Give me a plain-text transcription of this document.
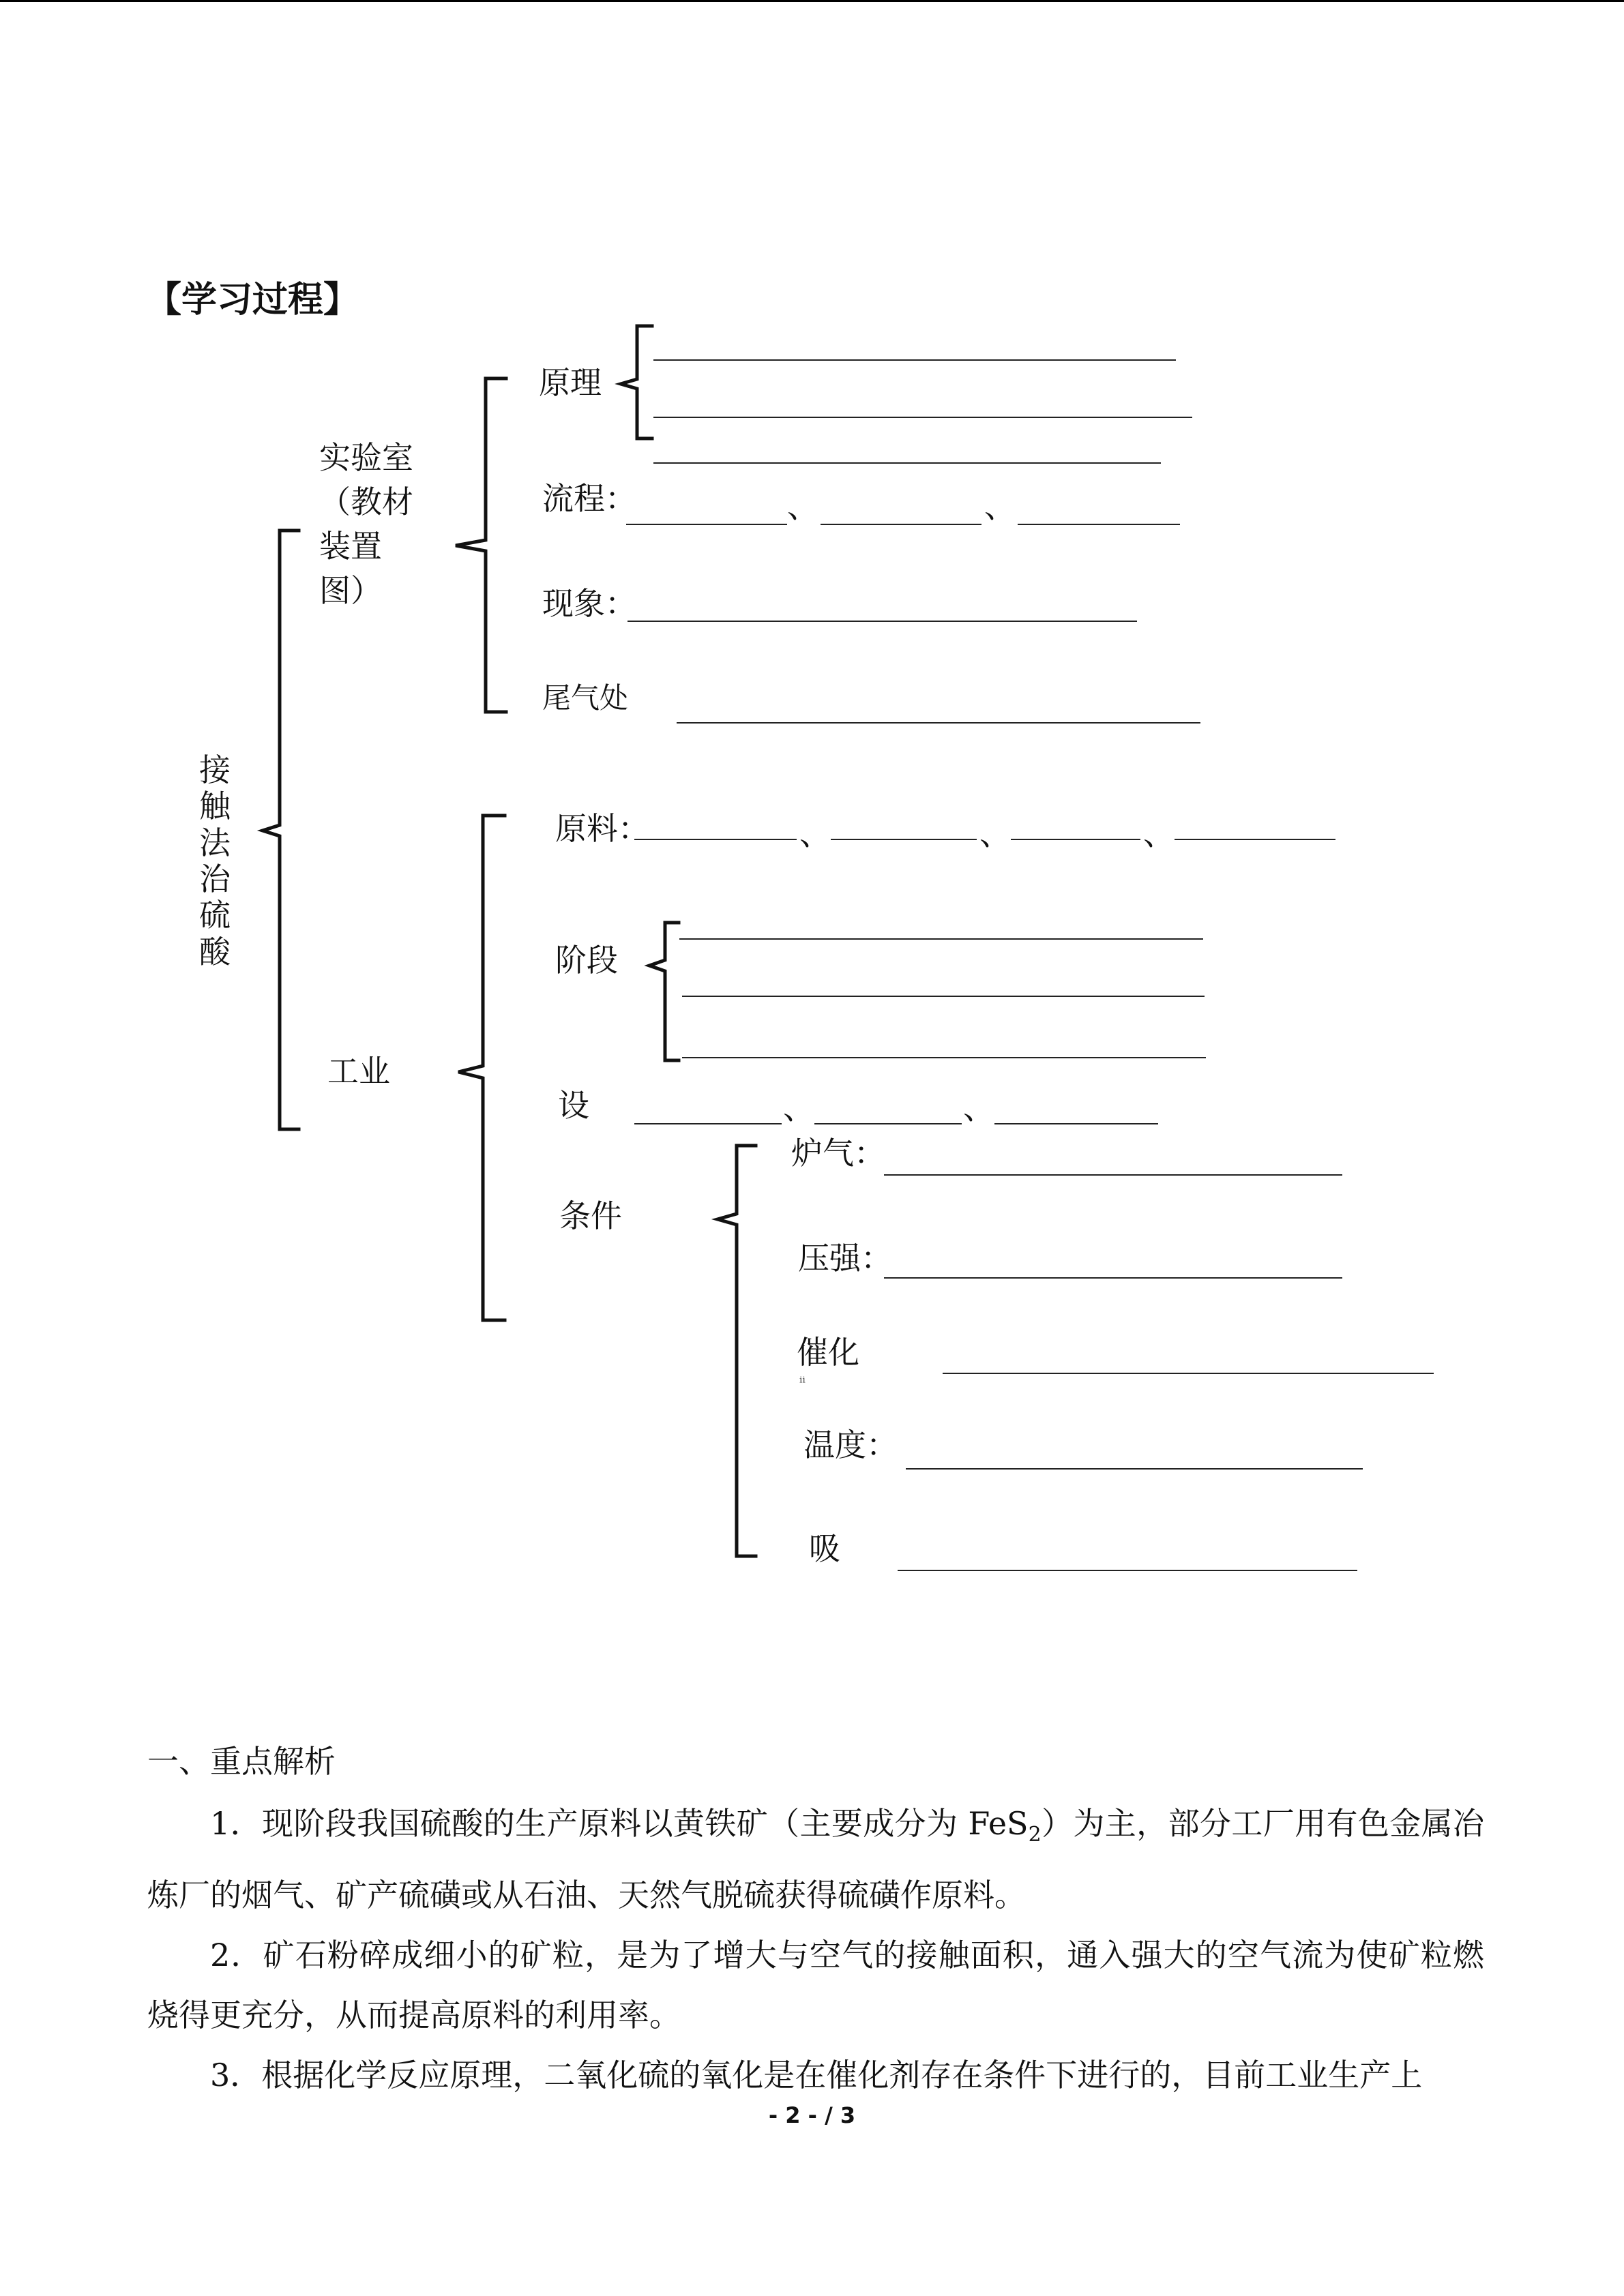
【学习过程】
接触法治硫酸
实验室
（教材
装置
图）
原理
流程：	、	、
现象：
尾气处
工业
原料：	、	、	、
阶段
设	、	、
条件
炉气：
压强：
催化
ⁱⁱ
温度：
吸
一、重点解析

1．现阶段我国硫酸的生产原料以黄铁矿（主要成分为 FeS$_2$）为主，部分工厂用有色金属冶炼厂的烟气、矿产硫磺或从石油、天然气脱硫获得硫磺作原料。

2．矿石粉碎成细小的矿粒，是为了增大与空气的接触面积，通入强大的空气流为使矿粒燃烧得更充分，从而提高原料的利用率。

3．根据化学反应原理，二氧化硫的氧化是在催化剂存在条件下进行的，目前工业生产上

- 2 - / 3
